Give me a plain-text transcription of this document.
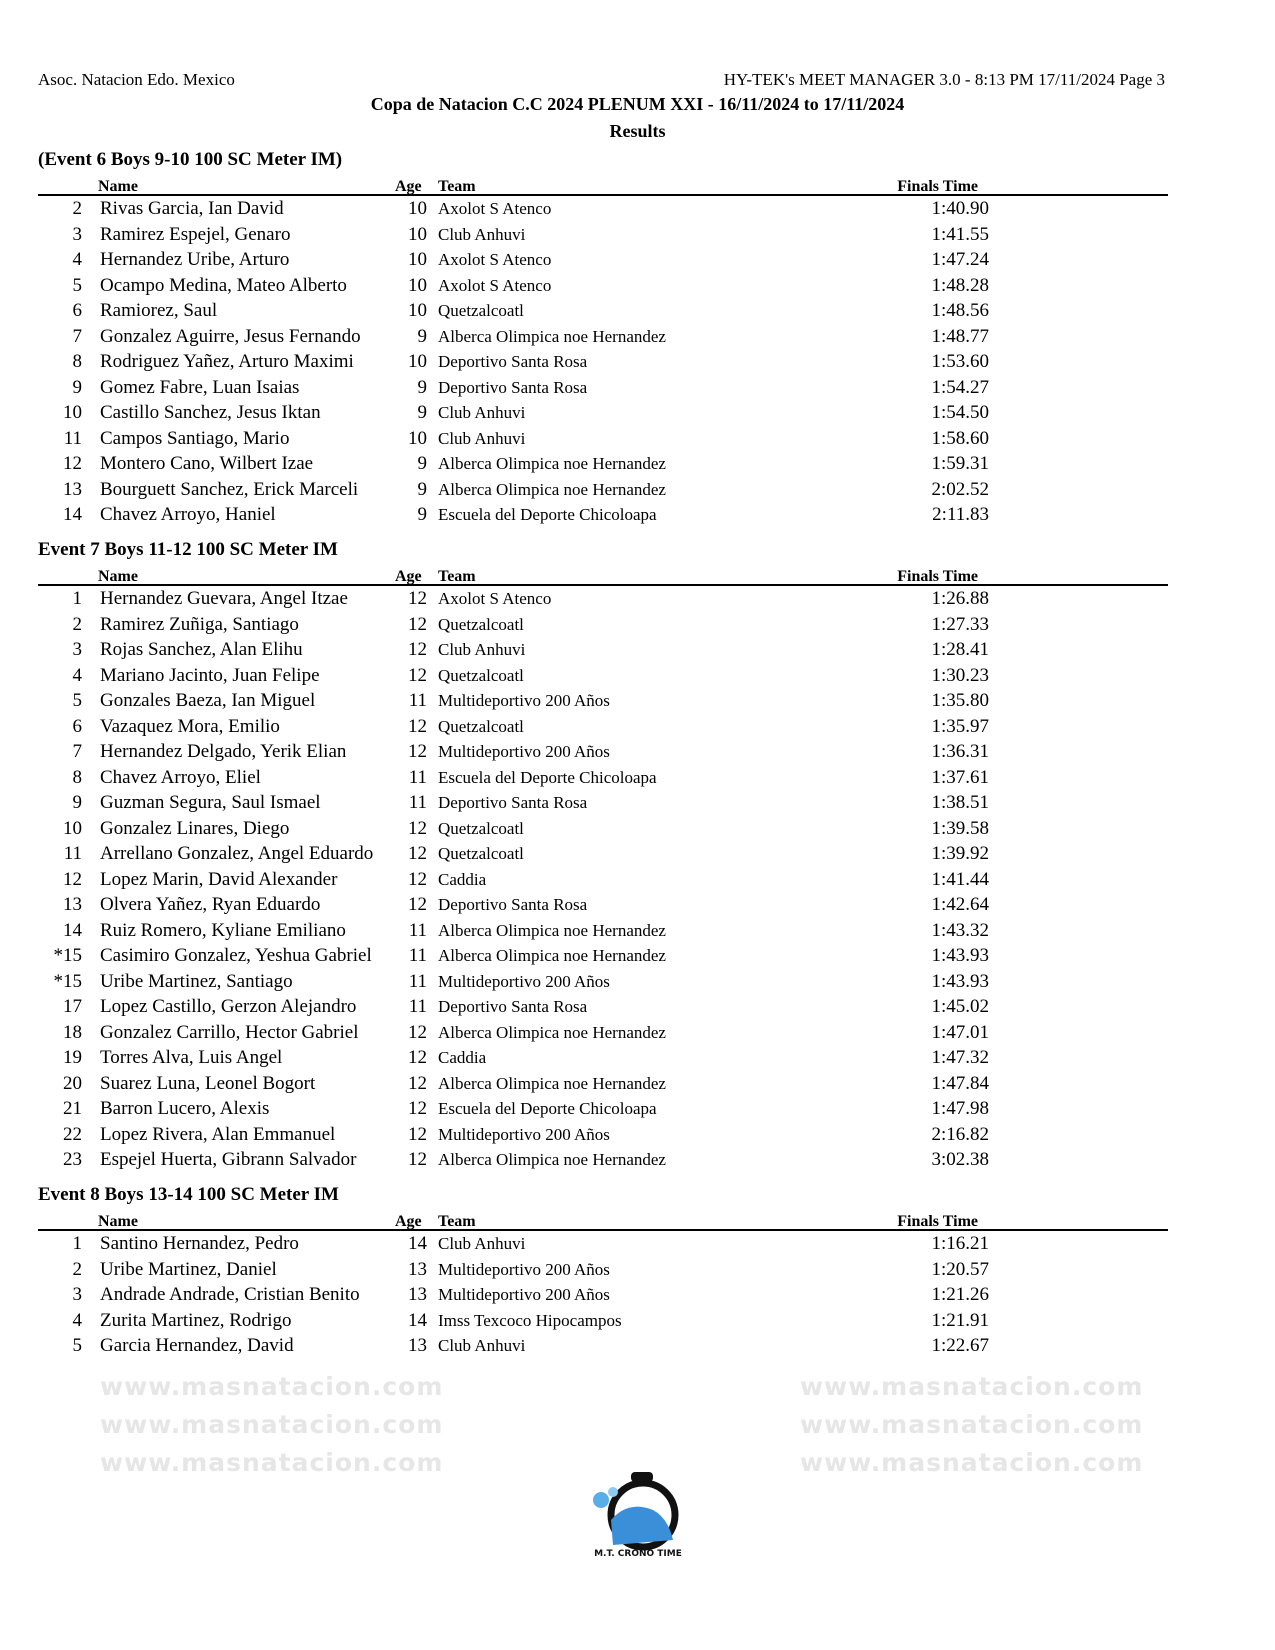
Asoc. Natacion Edo. Mexico	HY-TEK's MEET MANAGER 3.0 - 8:13 PM 17/11/2024 Page 3
Copa de Natacion C.C 2024 PLENUM XXI - 16/11/2024 to 17/11/2024
Results
(Event 6 Boys 9-10 100 SC Meter IM)
Name	Age Team	Finals Time
2 Rivas Garcia, Ian David	10 Axolot S Atenco	1:40.90
3 Ramirez Espejel, Genaro	10 Club Anhuvi	1:41.55
4 Hernandez Uribe, Arturo	10 Axolot S Atenco	1:47.24
5 Ocampo Medina, Mateo Alberto	10 Axolot S Atenco	1:48.28
6 Ramiorez, Saul	10 Quetzalcoatl	1:48.56
7 Gonzalez Aguirre, Jesus Fernando	9 Alberca Olimpica noe Hernandez	1:48.77
8 Rodriguez Yañez, Arturo Maximi	10 Deportivo Santa Rosa	1:53.60
9 Gomez Fabre, Luan Isaias	9 Deportivo Santa Rosa	1:54.27
10 Castillo Sanchez, Jesus Iktan	9 Club Anhuvi	1:54.50
11 Campos Santiago, Mario	10 Club Anhuvi	1:58.60
12 Montero Cano, Wilbert Izae	9 Alberca Olimpica noe Hernandez	1:59.31
13 Bourguett Sanchez, Erick Marceli	9 Alberca Olimpica noe Hernandez	2:02.52
14 Chavez Arroyo, Haniel	9 Escuela del Deporte Chicoloapa	2:11.83
Event 7 Boys 11-12 100 SC Meter IM
Name	Age Team	Finals Time
1 Hernandez Guevara, Angel Itzae	12 Axolot S Atenco	1:26.88
2 Ramirez Zuñiga, Santiago	12 Quetzalcoatl	1:27.33
3 Rojas Sanchez, Alan Elihu	12 Club Anhuvi	1:28.41
4 Mariano Jacinto, Juan Felipe	12 Quetzalcoatl	1:30.23
5 Gonzales Baeza, Ian Miguel	11 Multideportivo 200 Años	1:35.80
6 Vazaquez Mora, Emilio	12 Quetzalcoatl	1:35.97
7 Hernandez Delgado, Yerik Elian	12 Multideportivo 200 Años	1:36.31
8 Chavez Arroyo, Eliel	11 Escuela del Deporte Chicoloapa	1:37.61
9 Guzman Segura, Saul Ismael	11 Deportivo Santa Rosa	1:38.51
10 Gonzalez Linares, Diego	12 Quetzalcoatl	1:39.58
11 Arrellano Gonzalez, Angel Eduardo	12 Quetzalcoatl	1:39.92
12 Lopez Marin, David Alexander	12 Caddia	1:41.44
13 Olvera Yañez, Ryan Eduardo	12 Deportivo Santa Rosa	1:42.64
14 Ruiz Romero, Kyliane Emiliano	11 Alberca Olimpica noe Hernandez	1:43.32
*15 Casimiro Gonzalez, Yeshua Gabriel	11 Alberca Olimpica noe Hernandez	1:43.93
*15 Uribe Martinez, Santiago	11 Multideportivo 200 Años	1:43.93
17 Lopez Castillo, Gerzon Alejandro	11 Deportivo Santa Rosa	1:45.02
18 Gonzalez Carrillo, Hector Gabriel	12 Alberca Olimpica noe Hernandez	1:47.01
19 Torres Alva, Luis Angel	12 Caddia	1:47.32
20 Suarez Luna, Leonel Bogort	12 Alberca Olimpica noe Hernandez	1:47.84
21 Barron Lucero, Alexis	12 Escuela del Deporte Chicoloapa	1:47.98
22 Lopez Rivera, Alan Emmanuel	12 Multideportivo 200 Años	2:16.82
23 Espejel Huerta, Gibrann Salvador	12 Alberca Olimpica noe Hernandez	3:02.38
Event 8 Boys 13-14 100 SC Meter IM
Name	Age Team	Finals Time
1 Santino Hernandez, Pedro	14 Club Anhuvi	1:16.21
2 Uribe Martinez, Daniel	13 Multideportivo 200 Años	1:20.57
3 Andrade Andrade, Cristian Benito	13 Multideportivo 200 Años	1:21.26
4 Zurita Martinez, Rodrigo	14 Imss Texcoco Hipocampos	1:21.91
5 Garcia Hernandez, David	13 Club Anhuvi	1:22.67
www.masnatacion.com	www.masnatacion.com
www.masnatacion.com	www.masnatacion.com
www.masnatacion.com	www.masnatacion.com
M.T. CRONO TIME
